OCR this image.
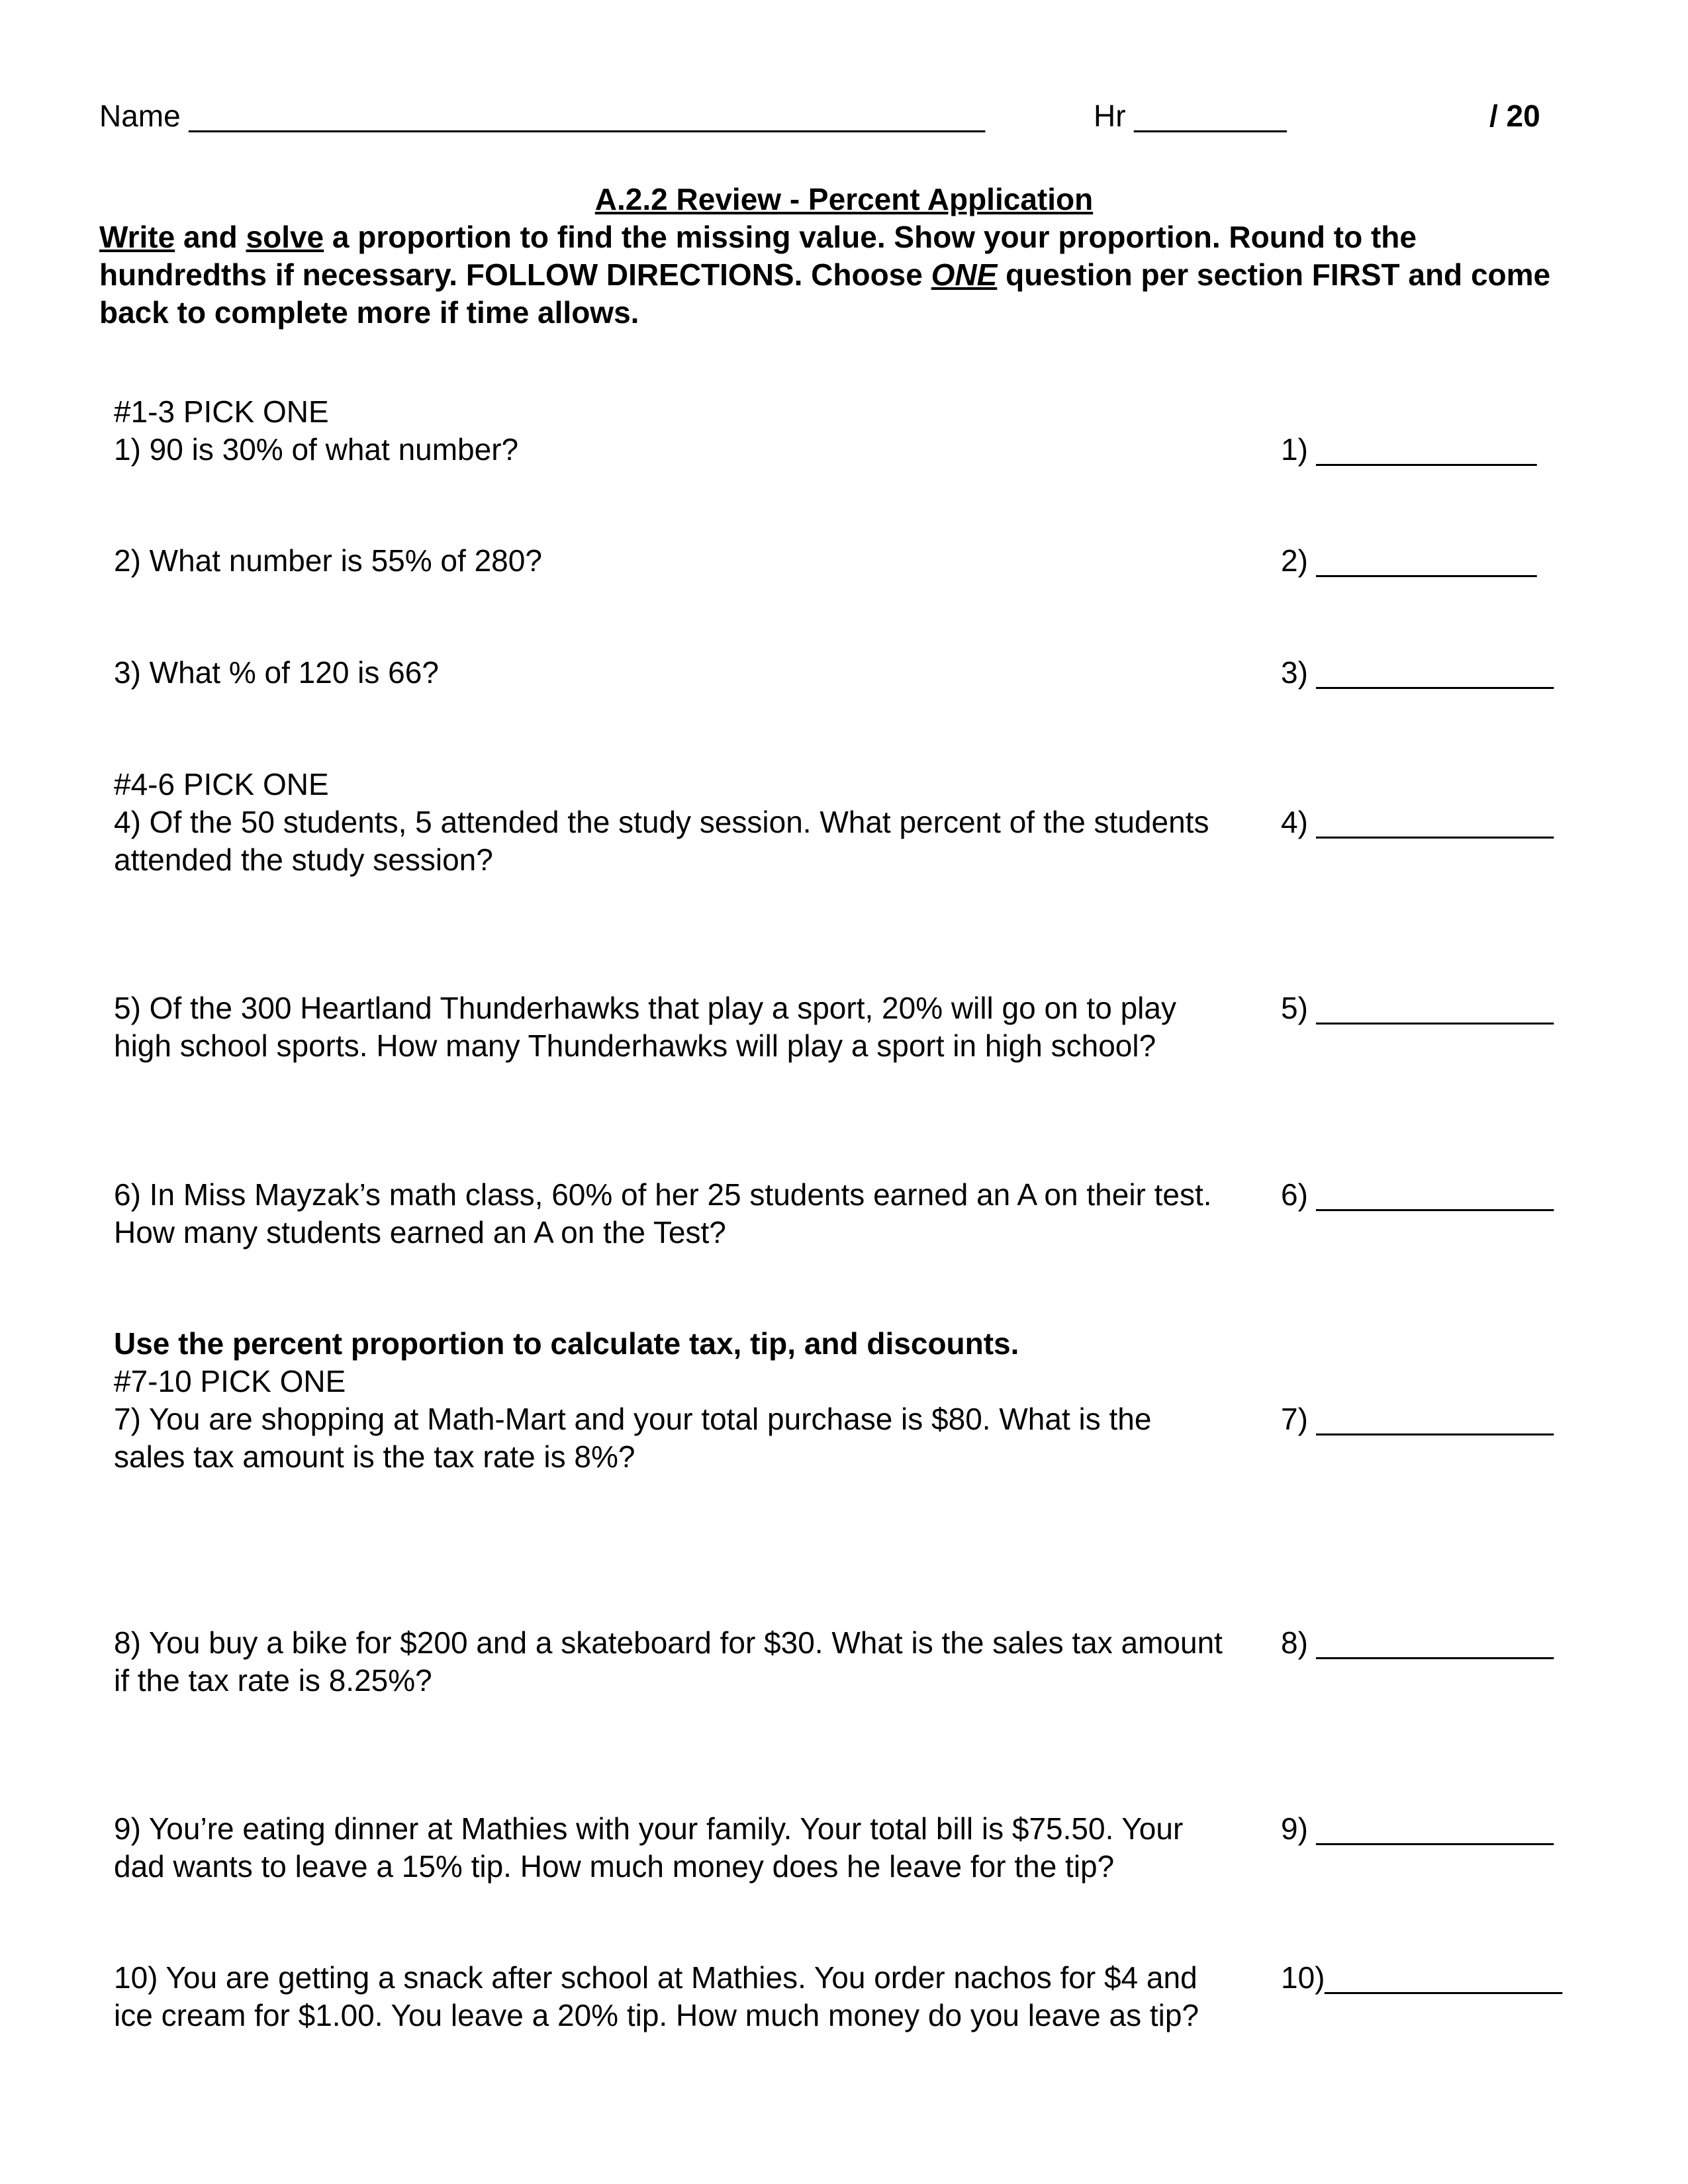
Name _______________________________________________	Hr _________	/ 20
A.2.2 Review - Percent Application
Write and solve a proportion to find the missing value. Show your proportion. Round to the hundredths if necessary. FOLLOW DIRECTIONS. Choose ONE question per section FIRST and come back to complete more if time allows.
#1-3 PICK ONE
1) 90 is 30% of what number?	1) _____________
2) What number is 55% of 280?	2) _____________
3) What % of 120 is 66?	3) ______________
#4-6 PICK ONE
4) Of the 50 students, 5 attended the study session. What percent of the students attended the study session?
4) ______________
5) Of the 300 Heartland Thunderhawks that play a sport, 20% will go on to play high school sports. How many Thunderhawks will play a sport in high school?
5) ______________
6) In Miss Mayzak’s math class, 60% of her 25 students earned an A on their test. How many students earned an A on the Test?
6) ______________
Use the percent proportion to calculate tax, tip, and discounts.
#7-10 PICK ONE
7) You are shopping at Math-Mart and your total purchase is $80. What is the sales tax amount is the tax rate is 8%?
7) ______________
8) You buy a bike for $200 and a skateboard for $30. What is the sales tax amount if the tax rate is 8.25%?
8) ______________
9) You’re eating dinner at Mathies with your family. Your total bill is $75.50. Your dad wants to leave a 15% tip. How much money does he leave for the tip?
9) ______________
10) You are getting a snack after school at Mathies. You order nachos for $4 and ice cream for $1.00. You leave a 20% tip. How much money do you leave as tip?
10)______________
